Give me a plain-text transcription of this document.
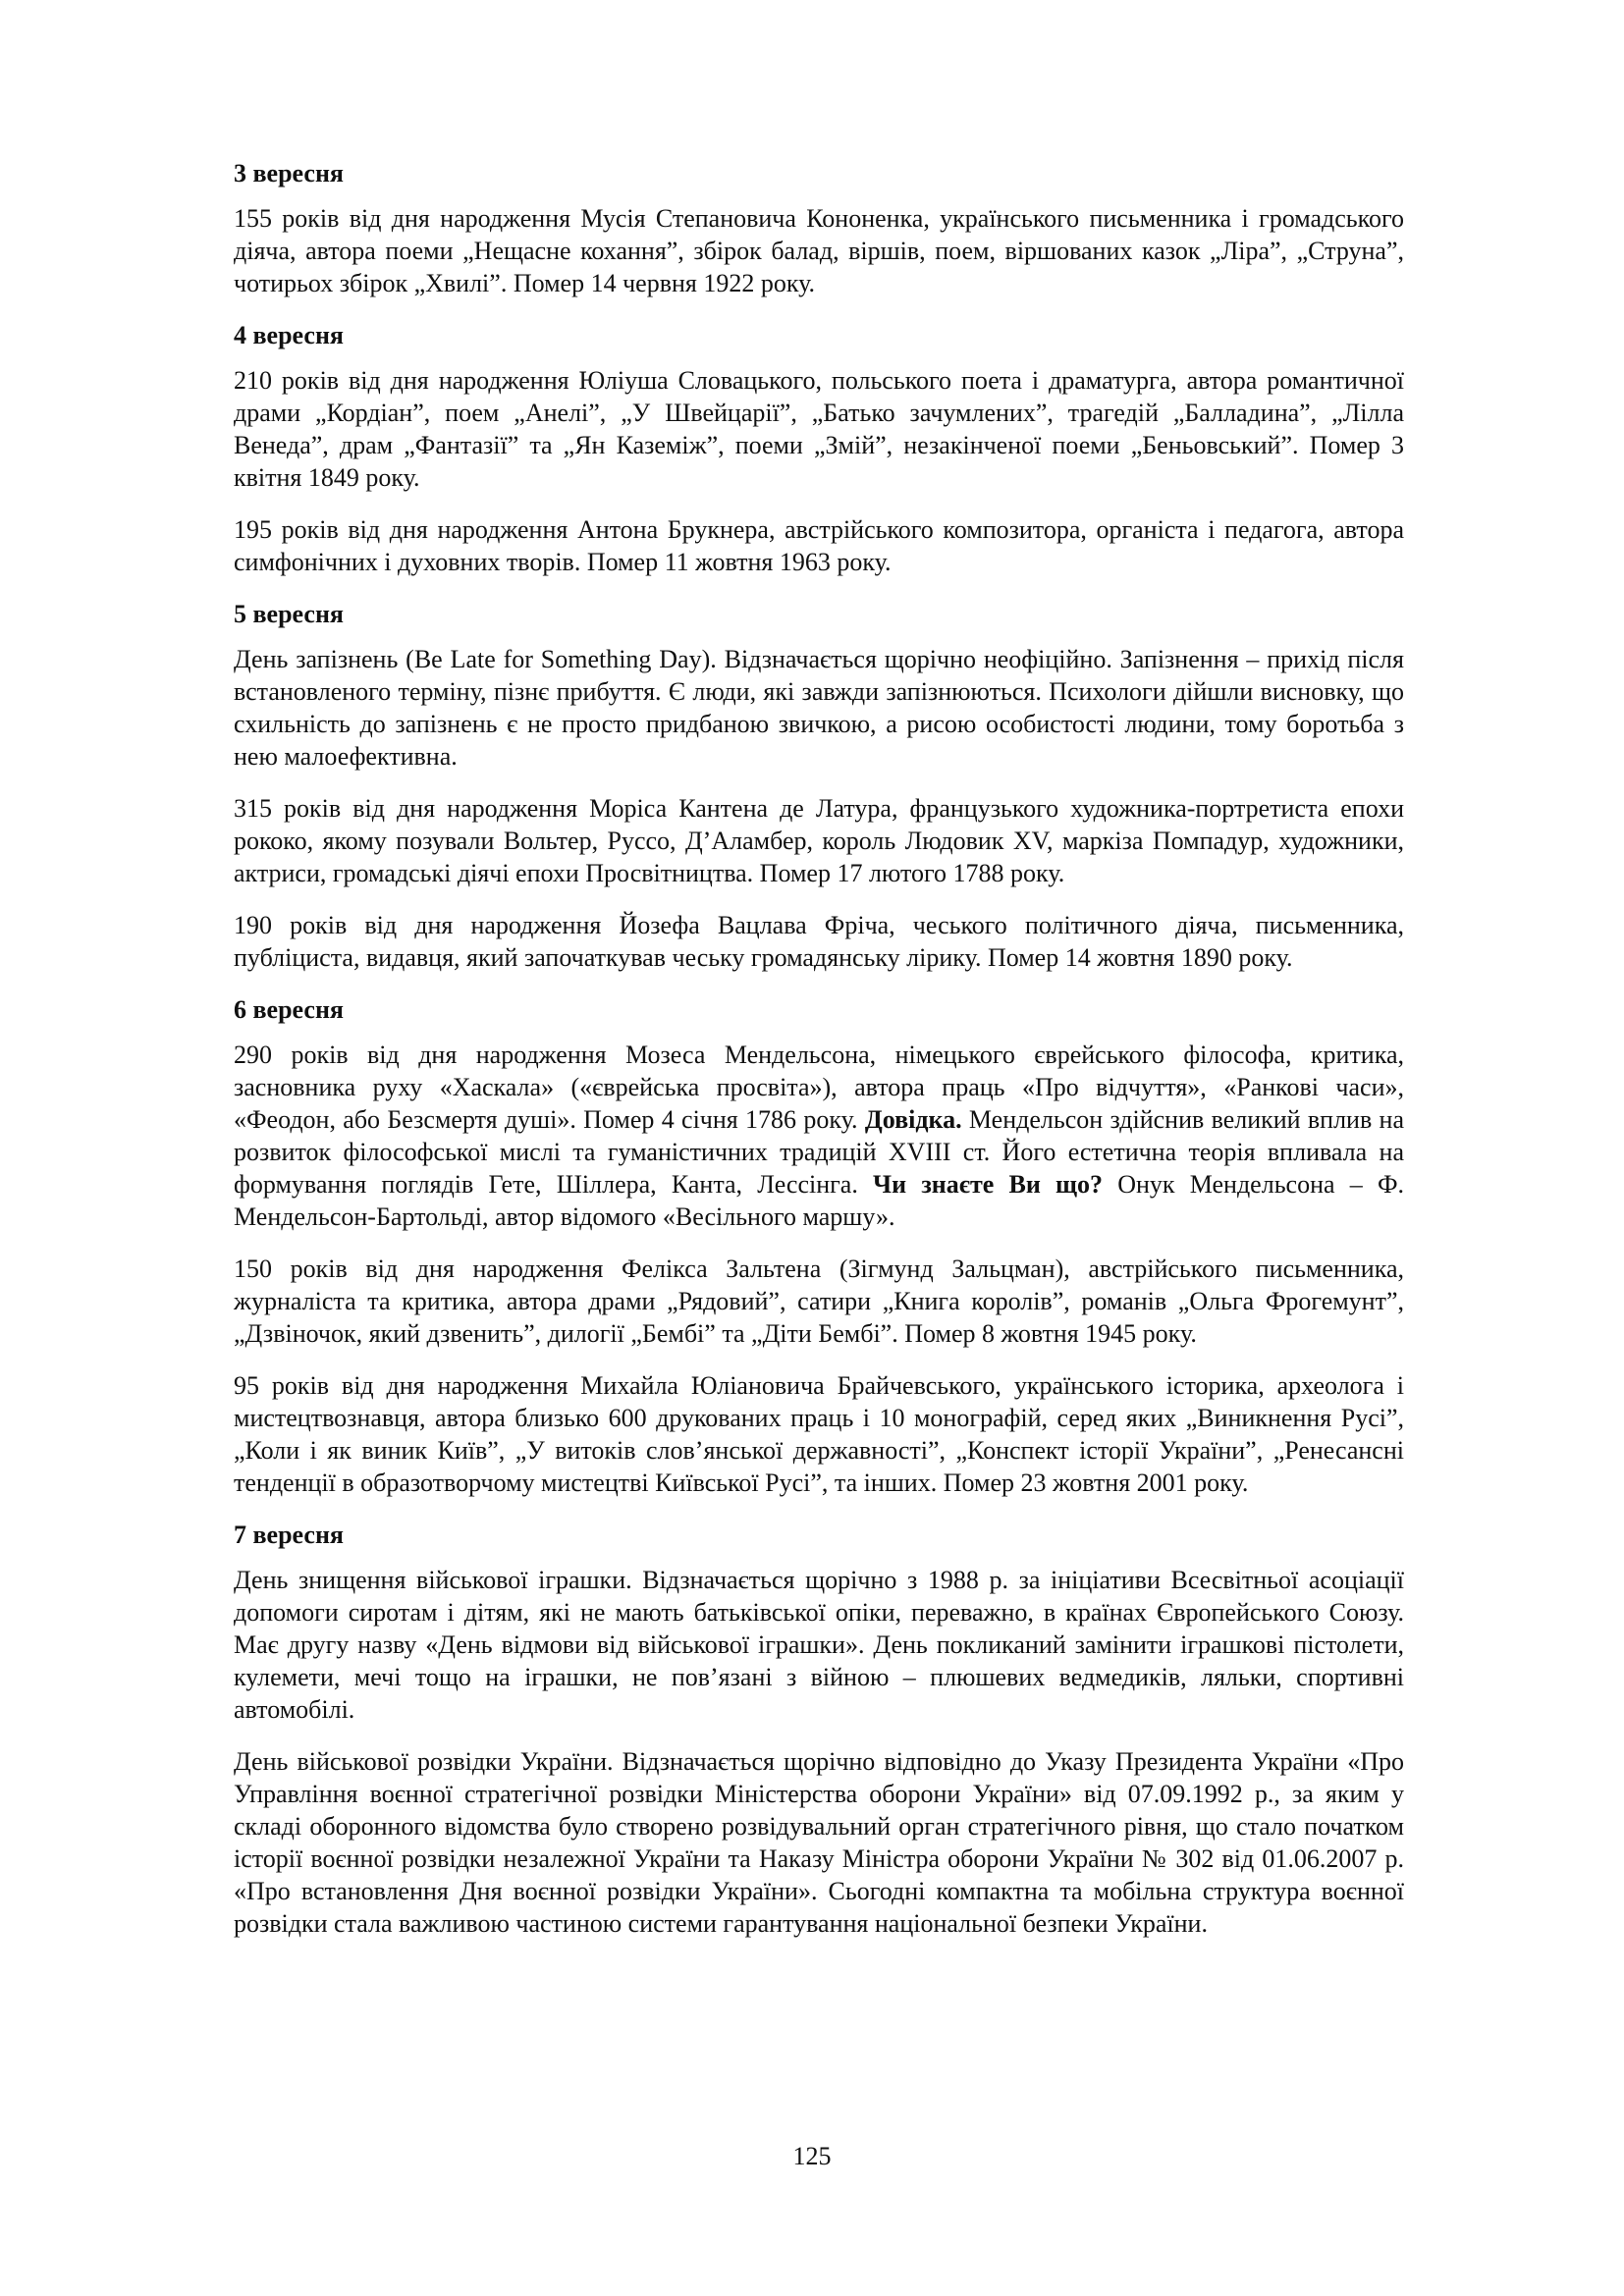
3 вересня

155 років від дня народження Мусія Степановича Кононенка, українського письменника і громадського діяча, автора поеми „Нещасне кохання”, збірок балад, віршів, поем, віршованих казок „Ліра”, „Струна”, чотирьох збірок „Хвилі”. Помер 14 червня 1922 року.

4 вересня

210 років від дня народження Юліуша Словацького, польського поета і драматурга, автора романтичної драми „Кордіан”, поем „Анелі”, „У Швейцарії”, „Батько зачумлених”, трагедій „Балладина”, „Лілла Венеда”, драм „Фантазії” та „Ян Каземіж”, поеми „Змій”, незакінченої поеми „Беньовський”. Помер 3 квітня 1849 року.

195 років від дня народження Антона Брукнера, австрійського композитора, органіста і педагога, автора симфонічних і духовних творів. Помер 11 жовтня 1963 року.

5 вересня

День запізнень (Be Late for Something Day). Відзначається щорічно неофіційно. Запізнення – прихід після встановленого терміну, пізнє прибуття. Є люди, які завжди запізнюються. Психологи дійшли висновку, що схильність до запізнень є не просто придбаною звичкою, а рисою особистості людини, тому боротьба з нею малоефективна.

315 років від дня народження Моріса Кантена де Латура, французького художника-портретиста епохи рококо, якому позували Вольтер, Руссо, Д’Аламбер, король Людовик XV, маркіза Помпадур, художники, актриси, громадські діячі епохи Просвітництва. Помер 17 лютого 1788 року.

190 років від дня народження Йозефа Вацлава Фріча, чеського політичного діяча, письменника, публіциста, видавця, який започаткував чеську громадянську лірику. Помер 14 жовтня 1890 року.

6 вересня

290 років від дня народження Мозеса Мендельсона, німецького єврейського філософа, критика, засновника руху «Хаскала» («єврейська просвіта»), автора праць «Про відчуття», «Ранкові часи», «Феодон, або Безсмертя душі». Помер 4 січня 1786 року. Довідка. Мендельсон здійснив великий вплив на розвиток філософської мислі та гуманістичних традицій XVIII ст. Його естетична теорія впливала на формування поглядів Гете, Шіллера, Канта, Лессінга. Чи знаєте Ви що? Онук Мендельсона – Ф. Мендельсон-Бартольді, автор відомого «Весільного маршу».

150 років від дня народження Фелікса Зальтена (Зігмунд Зальцман), австрійського письменника, журналіста та критика, автора драми „Рядовий”, сатири „Книга королів”, романів „Ольга Фрогемунт”, „Дзвіночок, який дзвенить”, дилогії „Бембі” та „Діти Бембі”. Помер 8 жовтня 1945 року.

95 років від дня народження Михайла Юліановича Брайчевського, українського історика, археолога і мистецтвознавця, автора близько 600 друкованих праць і 10 монографій, серед яких „Виникнення Русі”, „Коли і як виник Київ”, „У витоків слов’янської державності”, „Конспект історії України”, „Ренесансні тенденції в образотворчому мистецтві Київської Русі”, та інших. Помер 23 жовтня 2001 року.

7 вересня

День знищення військової іграшки. Відзначається щорічно з 1988 р. за ініціативи Всесвітньої асоціації допомоги сиротам і дітям, які не мають батьківської опіки, переважно, в країнах Європейського Союзу. Має другу назву «День відмови від військової іграшки». День покликаний замінити іграшкові пістолети, кулемети, мечі тощо на іграшки, не пов’язані з війною – плюшевих ведмедиків, ляльки, спортивні автомобілі.

День військової розвідки України. Відзначається щорічно відповідно до Указу Президента України «Про Управління воєнної стратегічної розвідки Міністерства оборони України» від 07.09.1992 р., за яким у складі оборонного відомства було створено розвідувальний орган стратегічного рівня, що стало початком історії воєнної розвідки незалежної України та Наказу Міністра оборони України № 302 від 01.06.2007 р. «Про встановлення Дня воєнної розвідки України». Сьогодні компактна та мобільна структура воєнної розвідки стала важливою частиною системи гарантування національної безпеки України.

125
